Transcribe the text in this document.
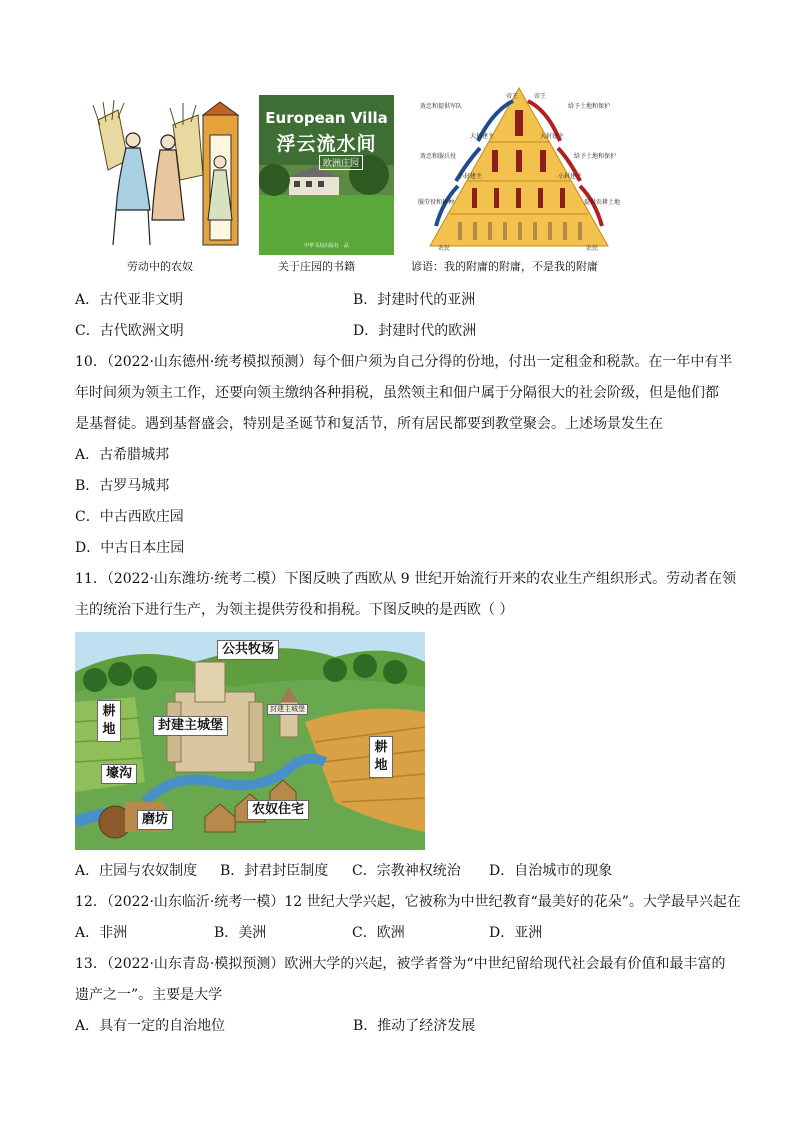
劳动中的农奴
European Villa
浮云流水间
欧洲庄园
中华书局出版社 · 品
关于庄园的书籍
帝王	帝王
大封建主	大封建主
小封建主	小封建主
农民	农民
效忠和提供军队
效忠和服兵役
服劳役和耕种
给予土地和保护
给予土地和保护
提供农耕土地
谚语：我的附庸的附庸，不是我的附庸
A．古代亚非文明	B．封建时代的亚洲
C．古代欧洲文明	D．封建时代的欧洲
10．（2022·山东德州·统考模拟预测）每个佃户须为自己分得的份地，付出一定租金和税款。在一年中有半
年时间须为领主工作，还要向领主缴纳各种捐税，虽然领主和佃户属于分隔很大的社会阶级，但是他们都
是基督徒。遇到基督盛会，特别是圣诞节和复活节，所有居民都要到教堂聚会。上述场景发生在
A．古希腊城邦
B．古罗马城邦
C．中古西欧庄园
D．中古日本庄园
11．（2022·山东潍坊·统考二模）下图反映了西欧从 9 世纪开始流行开来的农业生产组织形式。劳动者在领
主的统治下进行生产，为领主提供劳役和捐税。下图反映的是西欧（ ）
公共牧场
耕地	封建主城堡
封建主城堡
耕地
壕沟
磨坊
农奴住宅
A．庄园与农奴制度 B．封君封臣制度 C．宗教神权统治 D．自治城市的现象
12．（2022·山东临沂·统考一模）12 世纪大学兴起，它被称为中世纪教育“最美好的花朵”。大学最早兴起在
A．非洲	B．美洲	C．欧洲	D．亚洲
13．（2022·山东青岛·模拟预测）欧洲大学的兴起，被学者誉为“中世纪留给现代社会最有价值和最丰富的
遗产之一”。主要是大学
A．具有一定的自治地位	B．推动了经济发展
